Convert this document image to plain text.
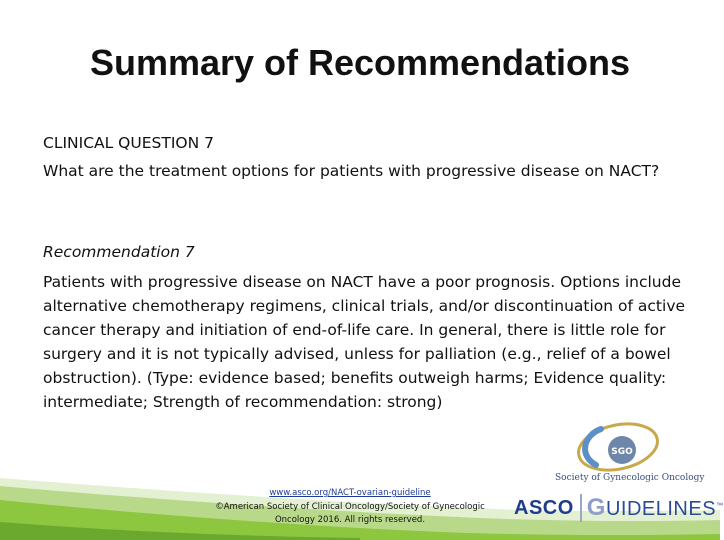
Summary of Recommendations
CLINICAL QUESTION 7
What are the treatment options for patients with progressive disease on NACT?
Recommendation 7
Patients with progressive disease on NACT have a poor prognosis. Options include alternative chemotherapy regimens, clinical trials, and/or discontinuation of active cancer therapy and initiation of end-of-life care. In general, there is little role for surgery and it is not typically advised, unless for palliation (e.g., relief of a bowel obstruction). (Type: evidence based; benefits outweigh harms; Evidence quality: intermediate; Strength of recommendation: strong)
www.asco.org/NACT-ovarian-guideline
©American Society of Clinical Oncology/Society of Gynecologic
Oncology 2016. All rights reserved.
SGO
Society of Gynecologic Oncology
ASCO GUIDELINES™
